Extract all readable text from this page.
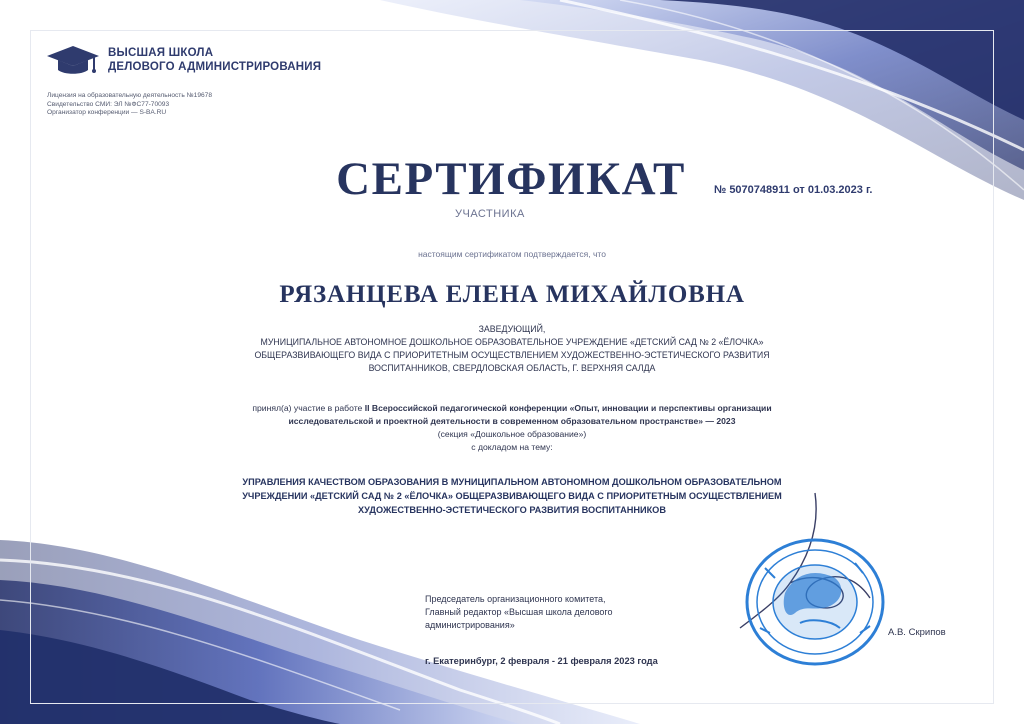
ВЫСШАЯ ШКОЛА
ДЕЛОВОГО АДМИНИСТРИРОВАНИЯ
Лицензия на образовательную деятельность №19678
Свидетельство СМИ: ЭЛ №ФС77-70093
Организатор конференции — S-BA.RU
СЕРТИФИКАТ	№ 5070748911 от 01.03.2023 г.
УЧАСТНИКА
настоящим сертификатом подтверждается, что
РЯЗАНЦЕВА ЕЛЕНА МИХАЙЛОВНА
ЗАВЕДУЮЩИЙ,
МУНИЦИПАЛЬНОЕ АВТОНОМНОЕ ДОШКОЛЬНОЕ ОБРАЗОВАТЕЛЬНОЕ УЧРЕЖДЕНИЕ «ДЕТСКИЙ САД № 2 «ЁЛОЧКА»
ОБЩЕРАЗВИВАЮЩЕГО ВИДА С ПРИОРИТЕТНЫМ ОСУЩЕСТВЛЕНИЕМ ХУДОЖЕСТВЕННО-ЭСТЕТИЧЕСКОГО РАЗВИТИЯ
ВОСПИТАННИКОВ, СВЕРДЛОВСКАЯ ОБЛАСТЬ, Г. ВЕРХНЯЯ САЛДА
принял(а) участие в работе II Всероссийской педагогической конференции «Опыт, инновации и перспективы организации
исследовательской и проектной деятельности в современном образовательном пространстве» — 2023
(секция «Дошкольное образование»)
с докладом на тему:
УПРАВЛЕНИЯ КАЧЕСТВОМ ОБРАЗОВАНИЯ В МУНИЦИПАЛЬНОМ АВТОНОМНОМ ДОШКОЛЬНОМ ОБРАЗОВАТЕЛЬНОМ
УЧРЕЖДЕНИИ «ДЕТСКИЙ САД № 2 «ЁЛОЧКА» ОБЩЕРАЗВИВАЮЩЕГО ВИДА С ПРИОРИТЕТНЫМ ОСУЩЕСТВЛЕНИЕМ
ХУДОЖЕСТВЕННО-ЭСТЕТИЧЕСКОГО РАЗВИТИЯ ВОСПИТАННИКОВ
Председатель организационного комитета,
Главный редактор «Высшая школа делового
администрирования»
А.В. Скрипов
г. Екатеринбург, 2 февраля - 21 февраля 2023 года
